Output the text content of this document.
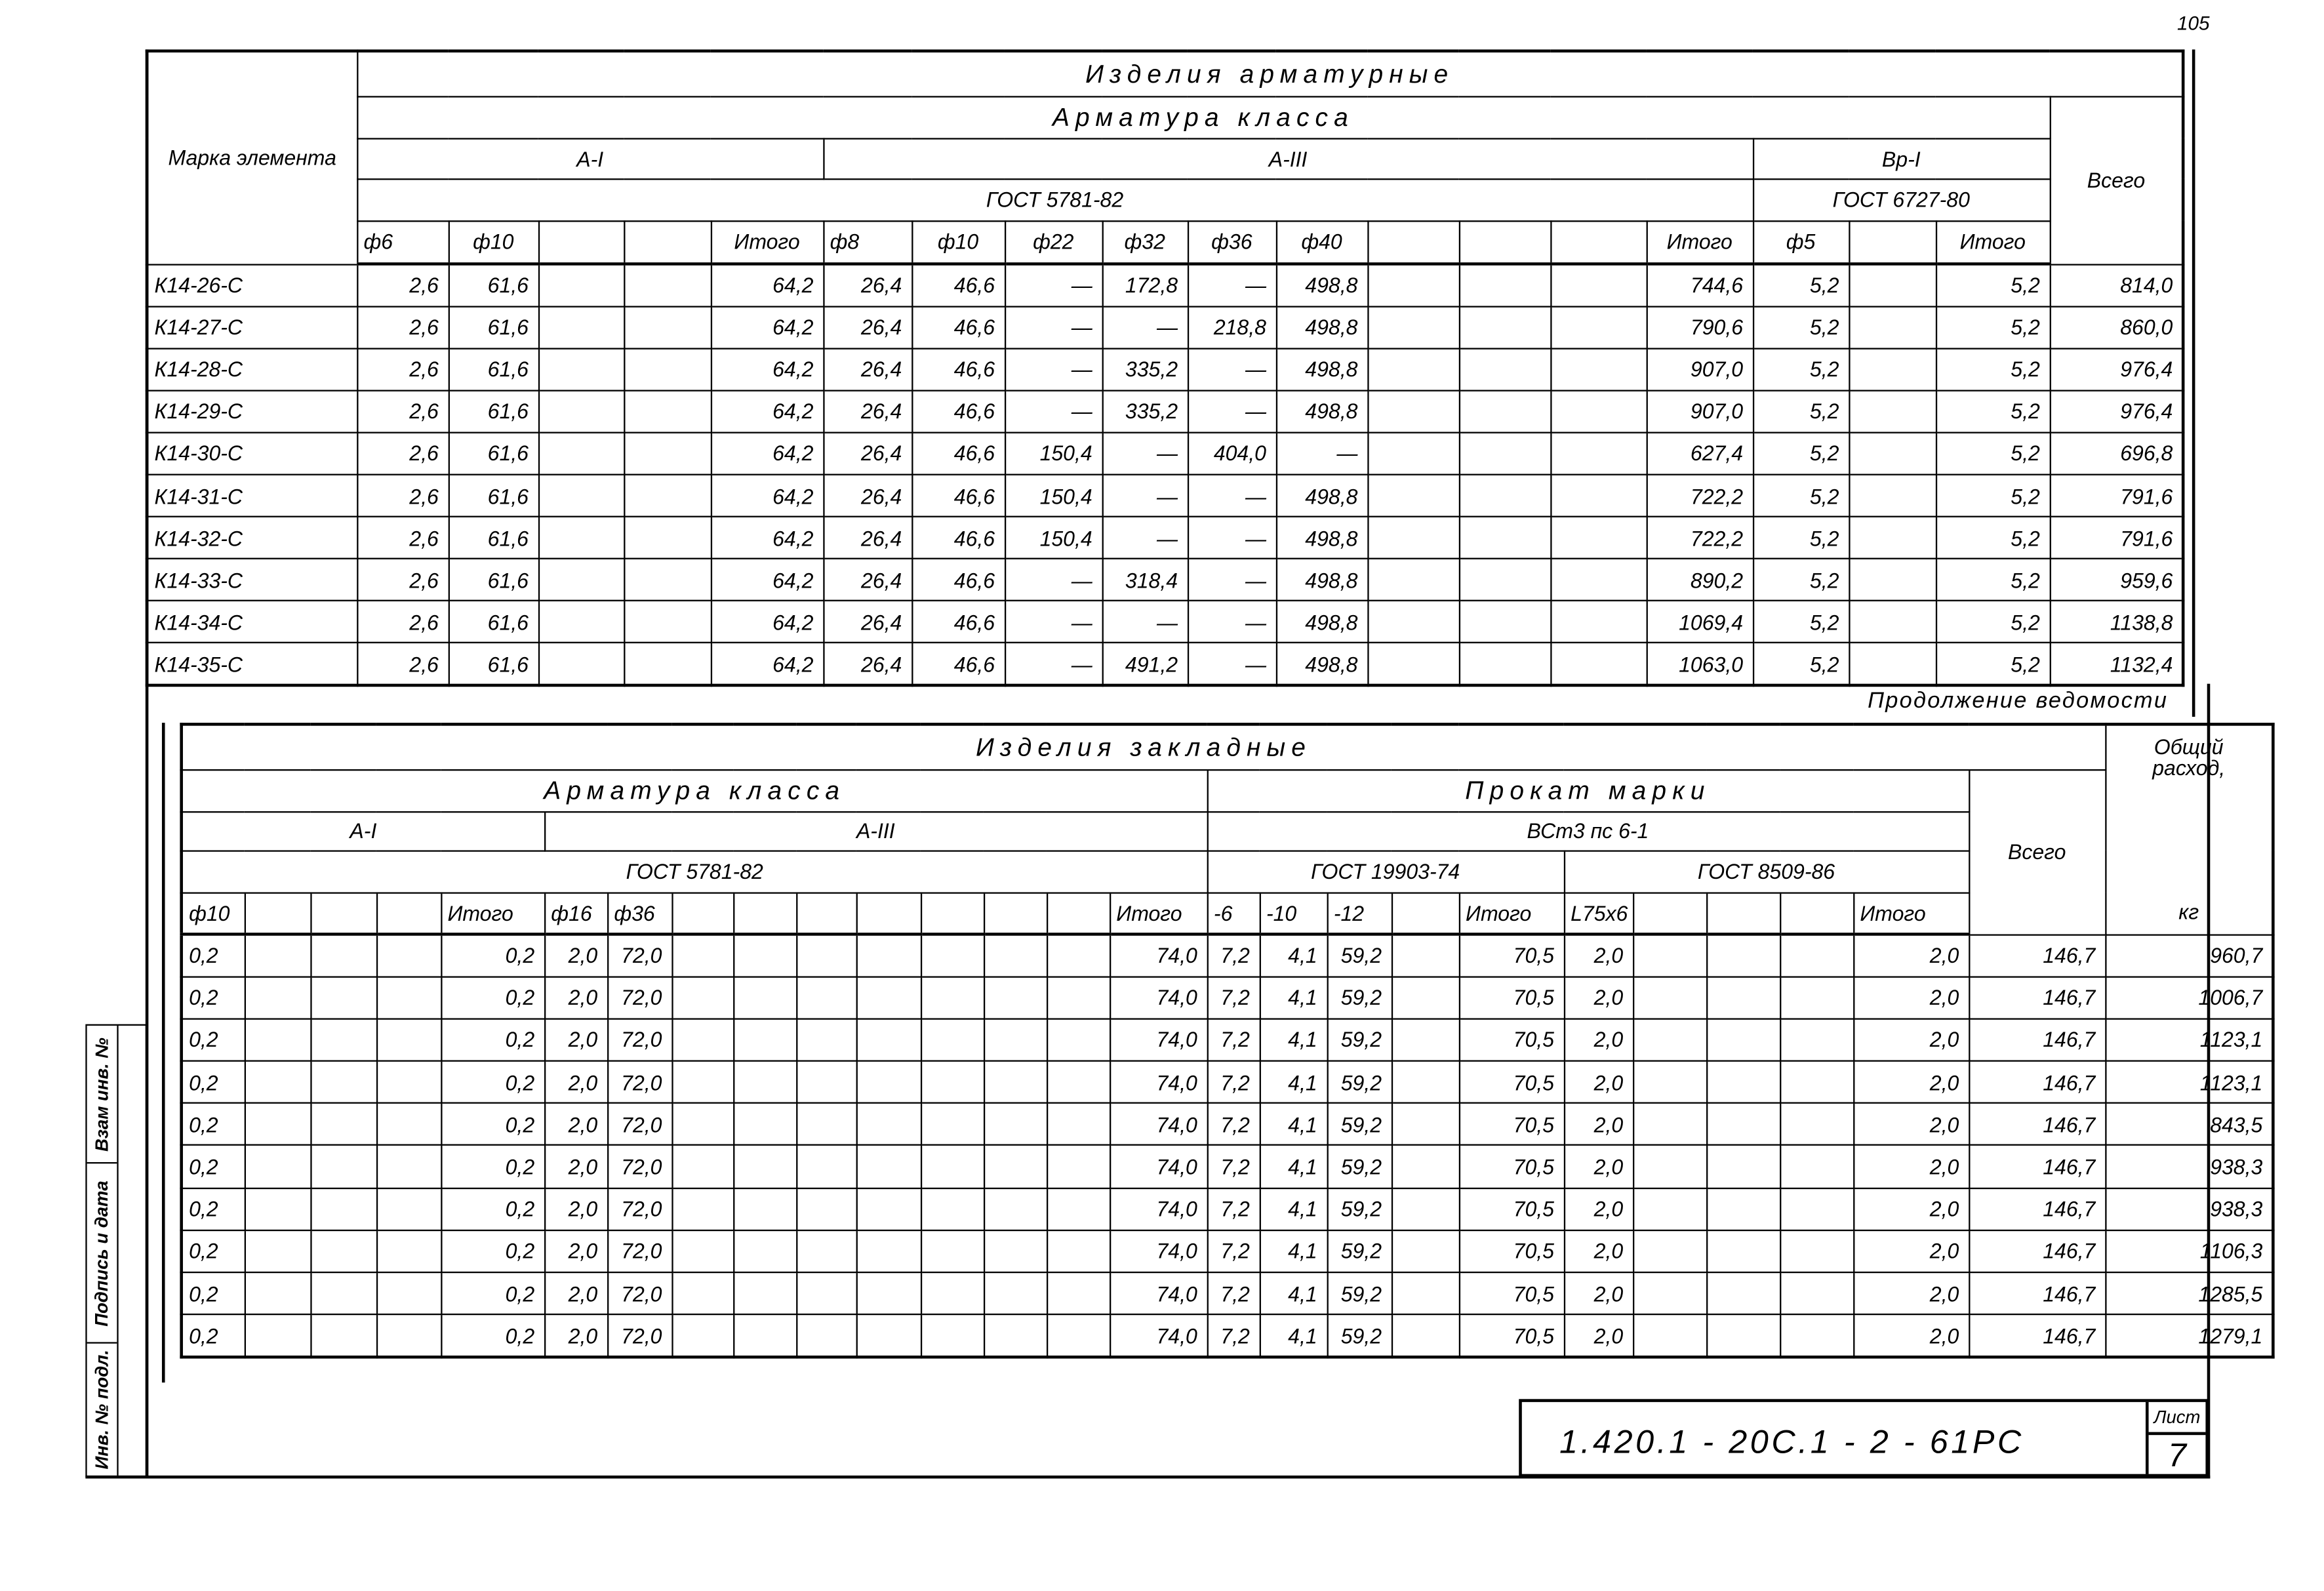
105
Марка элемента	Изделия арматурные																		
	Арматура класса																		Всего
	А-I					А-III										Вр-I			
	ГОСТ 5781-82															ГОСТ 6727-80			
	ф6	ф10			Итого	ф8	ф10	ф22	ф32	ф36	ф40				Итого	ф5		Итого	
К14-26-С	2,6	61,6			64,2	26,4	46,6	—	172,8	—	498,8				744,6	5,2		5,2	814,0
К14-27-С	2,6	61,6			64,2	26,4	46,6	—	—	218,8	498,8				790,6	5,2		5,2	860,0
К14-28-С	2,6	61,6			64,2	26,4	46,6	—	335,2	—	498,8				907,0	5,2		5,2	976,4
К14-29-С	2,6	61,6			64,2	26,4	46,6	—	335,2	—	498,8				907,0	5,2		5,2	976,4
К14-30-С	2,6	61,6			64,2	26,4	46,6	150,4	—	404,0	—				627,4	5,2		5,2	696,8
К14-31-С	2,6	61,6			64,2	26,4	46,6	150,4	—	—	498,8				722,2	5,2		5,2	791,6
К14-32-С	2,6	61,6			64,2	26,4	46,6	150,4	—	—	498,8				722,2	5,2		5,2	791,6
К14-33-С	2,6	61,6			64,2	26,4	46,6	—	318,4	—	498,8				890,2	5,2		5,2	959,6
К14-34-С	2,6	61,6			64,2	26,4	46,6	—	—	—	498,8				1069,4	5,2		5,2	1138,8
К14-35-С	2,6	61,6			64,2	26,4	46,6	—	491,2	—	498,8				1063,0	5,2		5,2	1132,4
Продолжение ведомости
Изделия закладные																										Общий расход,
кг

Арматура класса															Прокат марки										Всего	
А-I					А-III										ВСт3 пс 6-1											
ГОСТ 5781-82															ГОСТ 19903-74					ГОСТ 8509-86						
ф10				Итого	ф16	ф36								Итого	-6	-10	-12		Итого	L75x6				Итого		
0,2				0,2	2,0	72,0								74,0	7,2	4,1	59,2		70,5	2,0				2,0	146,7	960,7
0,2				0,2	2,0	72,0								74,0	7,2	4,1	59,2		70,5	2,0				2,0	146,7	1006,7
0,2				0,2	2,0	72,0								74,0	7,2	4,1	59,2		70,5	2,0				2,0	146,7	1123,1
0,2				0,2	2,0	72,0								74,0	7,2	4,1	59,2		70,5	2,0				2,0	146,7	1123,1
0,2				0,2	2,0	72,0								74,0	7,2	4,1	59,2		70,5	2,0				2,0	146,7	843,5
0,2				0,2	2,0	72,0								74,0	7,2	4,1	59,2		70,5	2,0				2,0	146,7	938,3
0,2				0,2	2,0	72,0								74,0	7,2	4,1	59,2		70,5	2,0				2,0	146,7	938,3
0,2				0,2	2,0	72,0								74,0	7,2	4,1	59,2		70,5	2,0				2,0	146,7	1106,3
0,2				0,2	2,0	72,0								74,0	7,2	4,1	59,2		70,5	2,0				2,0	146,7	1285,5
0,2				0,2	2,0	72,0								74,0	7,2	4,1	59,2		70,5	2,0				2,0	146,7	1279,1
Взам инв. №
Подпись и дата
Инв. № подл.	1.420.1 - 20С.1 - 2 - 61РС
Лист
7
